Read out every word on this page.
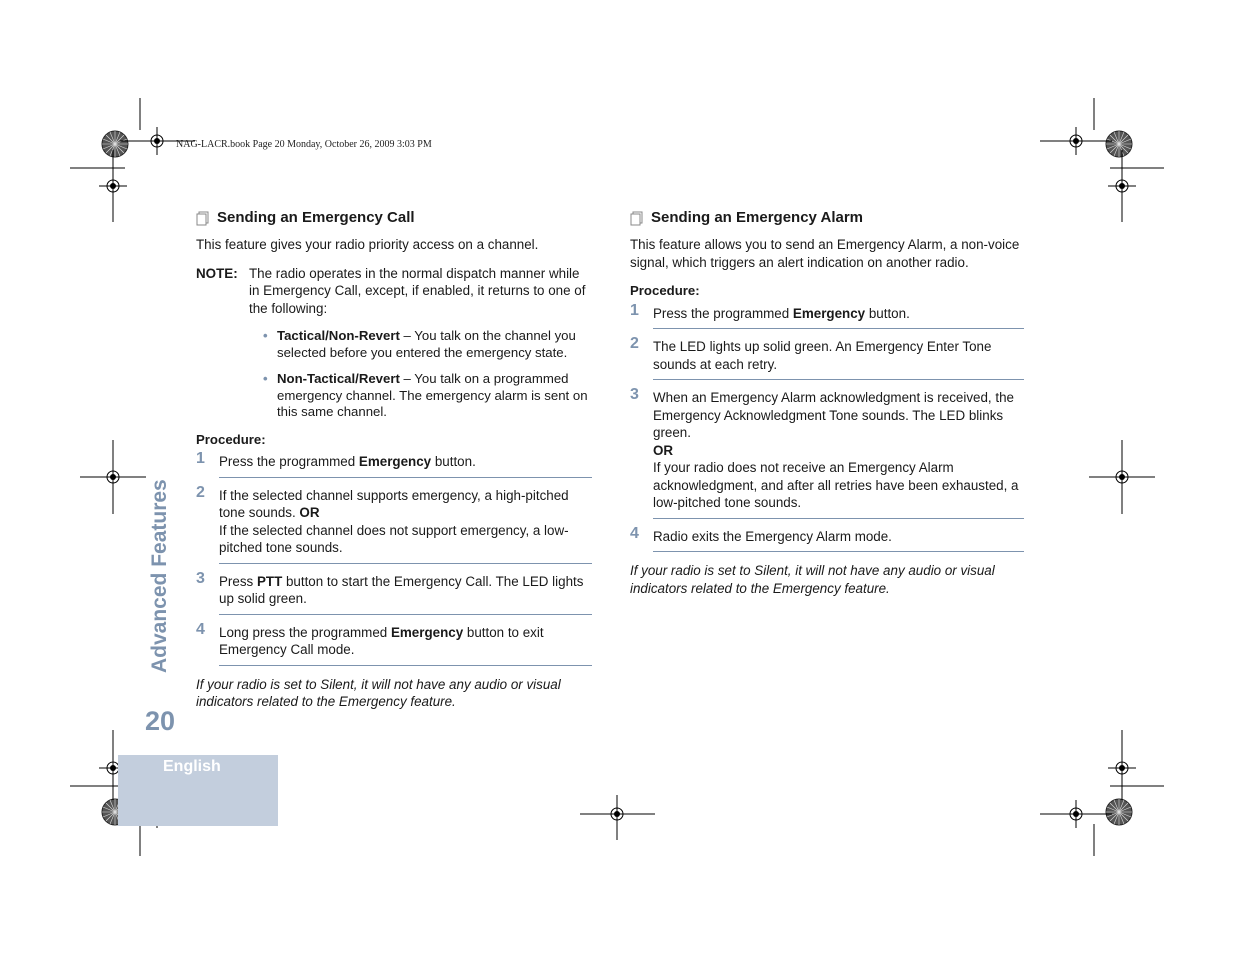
NAG-LACR.book Page 20 Monday, October 26, 2009 3:03 PM
English
Advanced Features
20
Sending an Emergency Call
This feature gives your radio priority access on a channel.
NOTE: The radio operates in the normal dispatch manner while in Emergency Call, except, if enabled, it returns to one of the following:
• Tactical/Non-Revert – You talk on the channel you selected before you entered the emergency state.
• Non-Tactical/Revert – You talk on a programmed emergency channel. The emergency alarm is sent on this same channel.
Procedure:
1 Press the programmed Emergency button.
2 If the selected channel supports emergency, a high-pitched tone sounds. OR
If the selected channel does not support emergency, a low-pitched tone sounds.
3 Press PTT button to start the Emergency Call. The LED lights up solid green.
4 Long press the programmed Emergency button to exit Emergency Call mode.
If your radio is set to Silent, it will not have any audio or visual indicators related to the Emergency feature.
Sending an Emergency Alarm
This feature allows you to send an Emergency Alarm, a non-voice signal, which triggers an alert indication on another radio.
Procedure:
1 Press the programmed Emergency button.
2 The LED lights up solid green. An Emergency Enter Tone sounds at each retry.
3 When an Emergency Alarm acknowledgment is received, the Emergency Acknowledgment Tone sounds. The LED blinks green.
OR
If your radio does not receive an Emergency Alarm acknowledgment, and after all retries have been exhausted, a low-pitched tone sounds.
4 Radio exits the Emergency Alarm mode.
If your radio is set to Silent, it will not have any audio or visual indicators related to the Emergency feature.
